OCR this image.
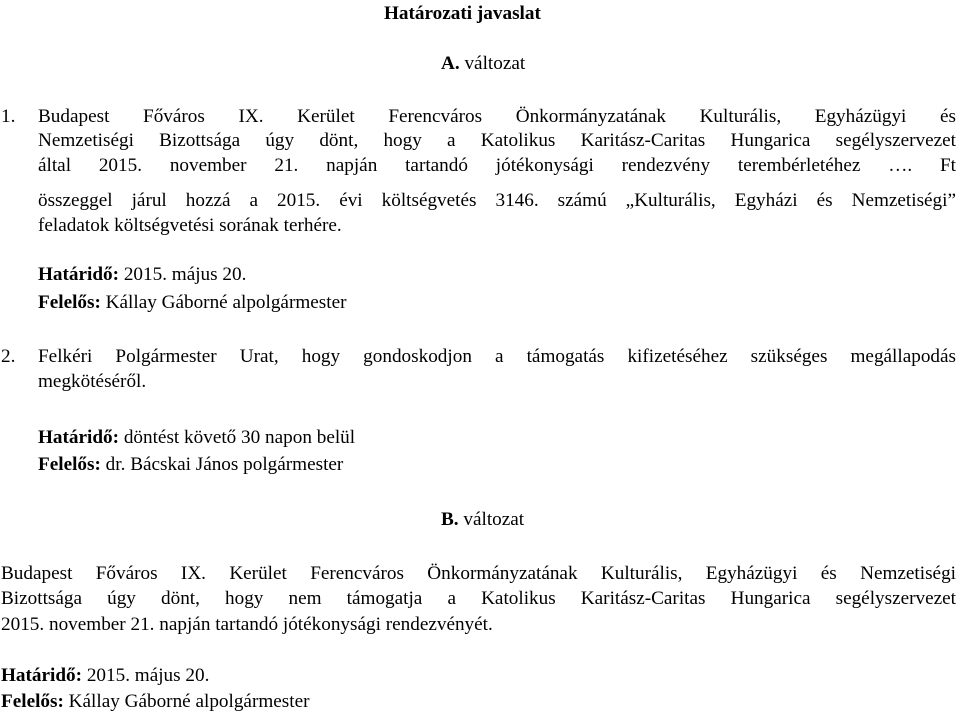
Határozati javaslat
A. változat
1. Budapest Főváros IX. Kerület Ferencváros Önkormányzatának Kulturális, Egyházügyi és
Nemzetiségi Bizottsága úgy dönt, hogy a Katolikus Karitász-Caritas Hungarica segélyszervezet
által 2015. november 21. napján tartandó jótékonysági rendezvény terembérletéhez …. Ft
összeggel járul hozzá a 2015. évi költségvetés 3146. számú „Kulturális, Egyházi és Nemzetiségi”
feladatok költségvetési sorának terhére.
Határidő: 2015. május 20.
Felelős: Kállay Gáborné alpolgármester
2. Felkéri Polgármester Urat, hogy gondoskodjon a támogatás kifizetéséhez szükséges megállapodás
megkötéséről.
Határidő: döntést követő 30 napon belül
Felelős: dr. Bácskai János polgármester
B. változat
Budapest Főváros IX. Kerület Ferencváros Önkormányzatának Kulturális, Egyházügyi és Nemzetiségi
Bizottsága úgy dönt, hogy nem támogatja a Katolikus Karitász-Caritas Hungarica segélyszervezet
2015. november 21. napján tartandó jótékonysági rendezvényét.
Határidő: 2015. május 20.
Felelős: Kállay Gáborné alpolgármester
